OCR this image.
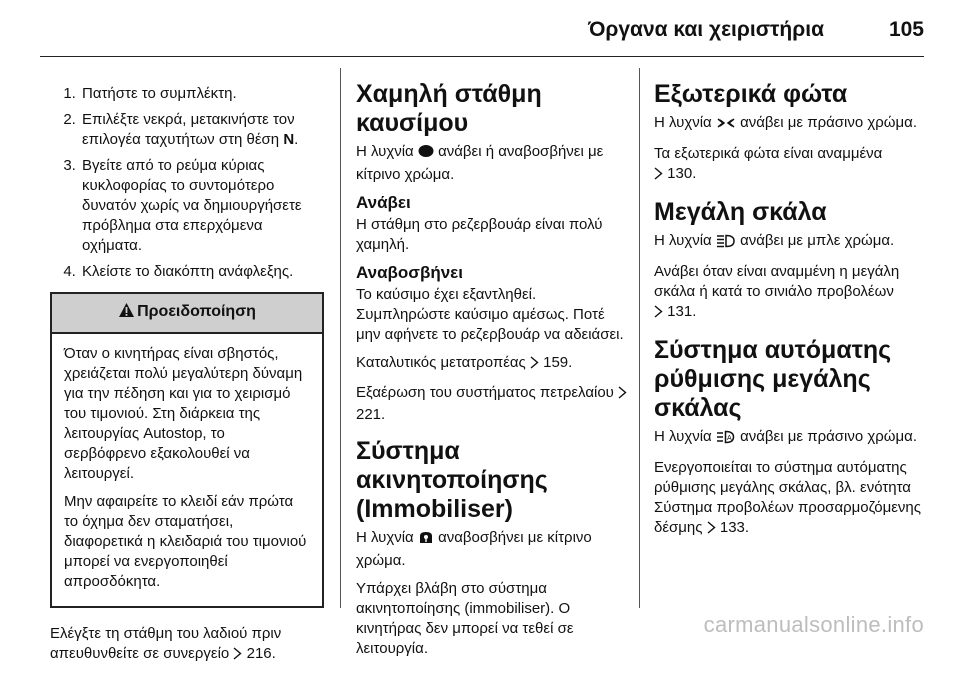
Όργανα και χειριστήρια	105
1. Πατήστε το συμπλέκτη.
2. Επιλέξτε νεκρά, μετακινήστε τον επιλογέα ταχυτήτων στη θέση N.
3. Βγείτε από το ρεύμα κύριας κυκλοφορίας το συντομότερο δυνατόν χωρίς να δημιουργήσετε πρόβλημα στα επερχόμενα οχήματα.
4. Κλείστε το διακόπτη ανάφλεξης.
Προειδοποίηση

Όταν ο κινητήρας είναι σβηστός, χρειάζεται πολύ μεγαλύτερη δύναμη για την πέδηση και για το χειρισμό του τιμονιού. Στη διάρκεια της λειτουργίας Autostop, το σερβόφρενο εξακολουθεί να λειτουργεί.

Μην αφαιρείτε το κλειδί εάν πρώτα το όχημα δεν σταματήσει, διαφορετικά η κλειδαριά του τιμονιού μπορεί να ενεργοποιηθεί απροσδόκητα.

Ελέγξτε τη στάθμη του λαδιού πριν απευθυνθείτε σε συνεργείο 216.

Χαμηλή στάθμη καυσίμου

Η λυχνία ανάβει ή αναβοσβήνει με κίτρινο χρώμα.

Ανάβει

Η στάθμη στο ρεζερβουάρ είναι πολύ χαμηλή.

Αναβοσβήνει

Το καύσιμο έχει εξαντληθεί. Συμπληρώστε καύσιμο αμέσως. Ποτέ μην αφήνετε το ρεζερβουάρ να αδειάσει.

Καταλυτικός μετατροπέας 159.

Εξαέρωση του συστήματος πετρελαίου  221.

Σύστημα ακινητοποίησης (Immobiliser)

Η λυχνία αναβοσβήνει με κίτρινο χρώμα.

Υπάρχει βλάβη στο σύστημα ακινητοποίησης (immobiliser). Ο κινητήρας δεν μπορεί να τεθεί σε λειτουργία.

Εξωτερικά φώτα

Η λυχνία ανάβει με πράσινο χρώμα.

Τα εξωτερικά φώτα είναι αναμμένα
130.

Μεγάλη σκάλα

Η λυχνία ανάβει με μπλε χρώμα.

Ανάβει όταν είναι αναμμένη η μεγάλη σκάλα ή κατά το σινιάλο προβολέων
131.

Σύστημα αυτόματης ρύθμισης μεγάλης σκάλας

Η λυχνία A ανάβει με πράσινο χρώμα.

Ενεργοποιείται το σύστημα αυτόματης ρύθμισης μεγάλης σκάλας, βλ. ενότητα Σύστημα προβολέων προσαρμοζόμενης δέσμης 133.

carmanualsonline.info
